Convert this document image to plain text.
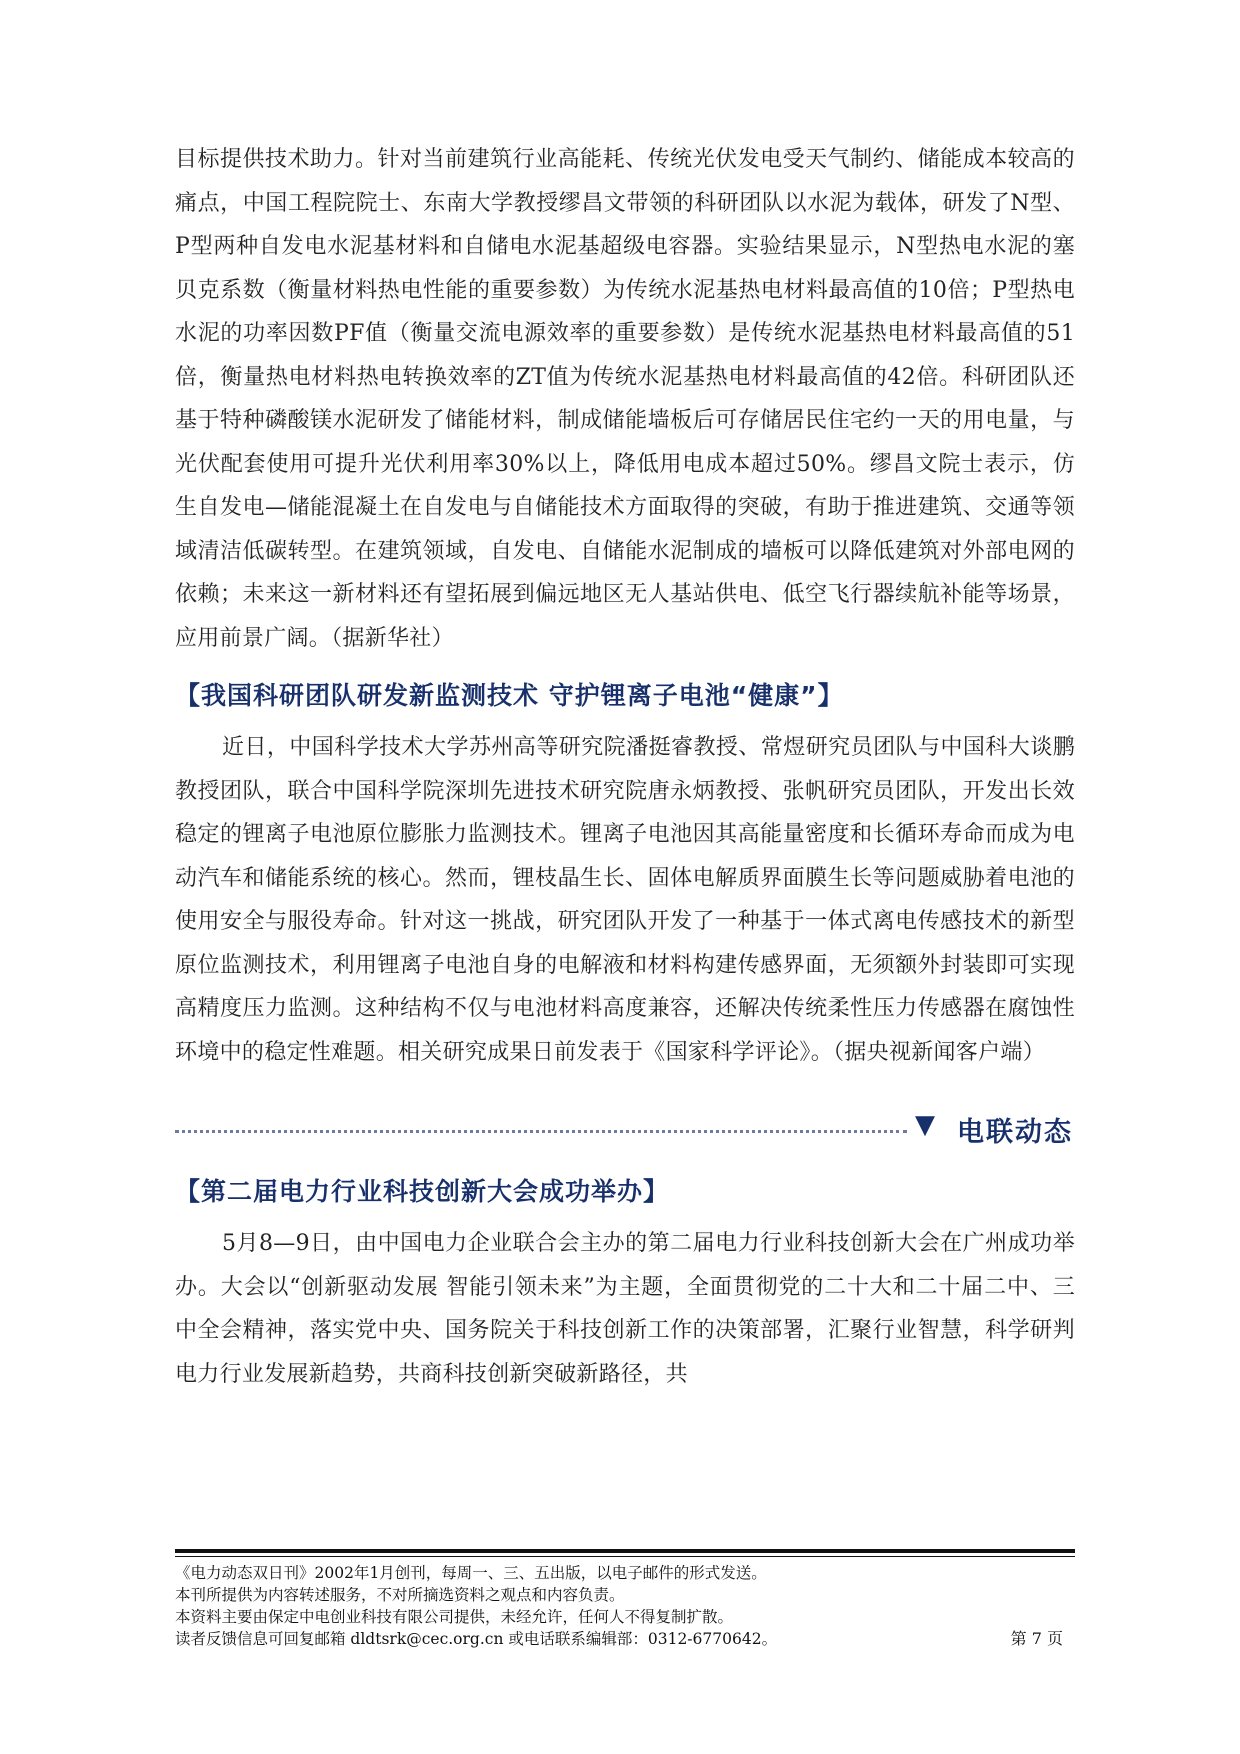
目标提供技术助力。针对当前建筑行业高能耗、传统光伏发电受天气制约、储能成本较高的痛点，中国工程院院士、东南大学教授缪昌文带领的科研团队以水泥为载体，研发了N型、P型两种自发电水泥基材料和自储电水泥基超级电容器。实验结果显示，N型热电水泥的塞贝克系数（衡量材料热电性能的重要参数）为传统水泥基热电材料最高值的10倍；P型热电水泥的功率因数PF值（衡量交流电源效率的重要参数）是传统水泥基热电材料最高值的51倍，衡量热电材料热电转换效率的ZT值为传统水泥基热电材料最高值的42倍。科研团队还基于特种磷酸镁水泥研发了储能材料，制成储能墙板后可存储居民住宅约一天的用电量，与光伏配套使用可提升光伏利用率30%以上，降低用电成本超过50%。缪昌文院士表示，仿生自发电—储能混凝土在自发电与自储能技术方面取得的突破，有助于推进建筑、交通等领域清洁低碳转型。在建筑领域，自发电、自储能水泥制成的墙板可以降低建筑对外部电网的依赖；未来这一新材料还有望拓展到偏远地区无人基站供电、低空飞行器续航补能等场景，应用前景广阔。（据新华社）

【我国科研团队研发新监测技术 守护锂离子电池“健康”】

近日，中国科学技术大学苏州高等研究院潘挺睿教授、常煜研究员团队与中国科大谈鹏教授团队，联合中国科学院深圳先进技术研究院唐永炳教授、张帆研究员团队，开发出长效稳定的锂离子电池原位膨胀力监测技术。锂离子电池因其高能量密度和长循环寿命而成为电动汽车和储能系统的核心。然而，锂枝晶生长、固体电解质界面膜生长等问题威胁着电池的使用安全与服役寿命。针对这一挑战，研究团队开发了一种基于一体式离电传感技术的新型原位监测技术，利用锂离子电池自身的电解液和材料构建传感界面，无须额外封装即可实现高精度压力监测。这种结构不仅与电池材料高度兼容，还解决传统柔性压力传感器在腐蚀性环境中的稳定性难题。相关研究成果日前发表于《国家科学评论》。（据央视新闻客户端）

▼ 电联动态
【第二届电力行业科技创新大会成功举办】

5月8—9日，由中国电力企业联合会主办的第二届电力行业科技创新大会在广州成功举办。大会以“创新驱动发展 智能引领未来”为主题，全面贯彻党的二十大和二十届二中、三中全会精神，落实党中央、国务院关于科技创新工作的决策部署，汇聚行业智慧，科学研判电力行业发展新趋势，共商科技创新突破新路径，共

《电力动态双日刊》2002年1月创刊，每周一、三、五出版，以电子邮件的形式发送。
本刊所提供为内容转述服务，不对所摘选资料之观点和内容负责。
本资料主要由保定中电创业科技有限公司提供，未经允许，任何人不得复制扩散。
读者反馈信息可回复邮箱 dldtsrk@cec.org.cn 或电话联系编辑部：0312-6770642。	第 7 页
